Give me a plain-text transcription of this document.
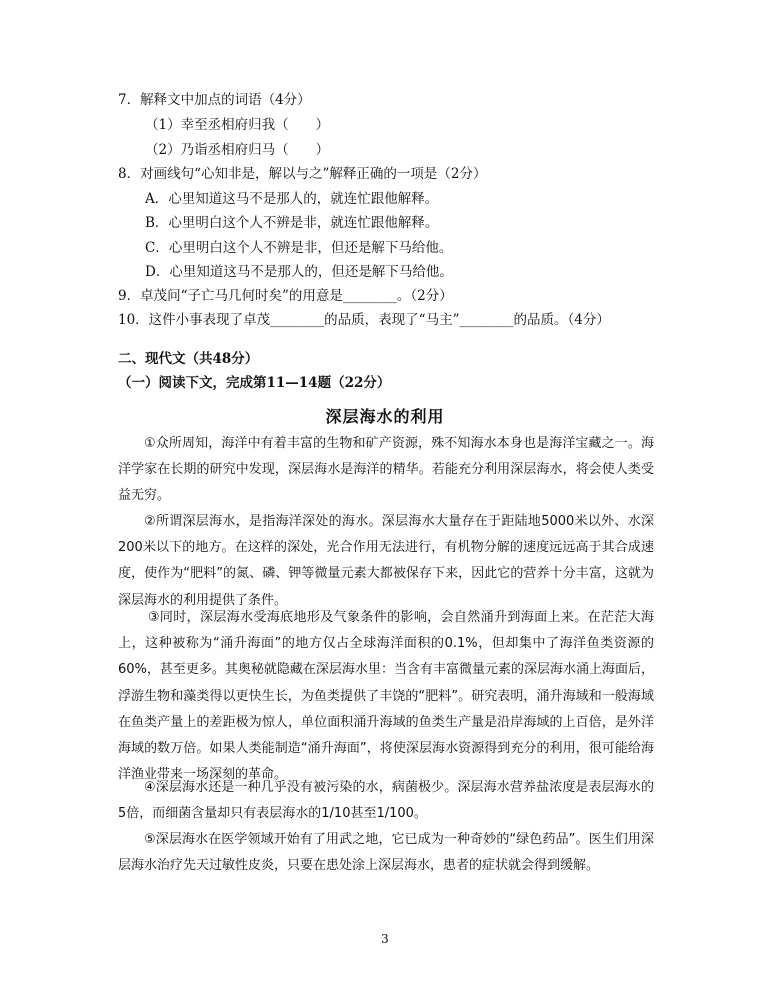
7．解释文中加点的词语（4分）
（1）幸至丞相府归我（　　）
（2）乃诣丞相府归马（　　）
8．对画线句“心知非是，解以与之”解释正确的一项是（2分）
A．心里知道这马不是那人的，就连忙跟他解释。
B．心里明白这个人不辨是非，就连忙跟他解释。
C．心里明白这个人不辨是非，但还是解下马给他。
D．心里知道这马不是那人的，但还是解下马给他。
9．卓茂问“子亡马几何时矣”的用意是________。（2分）
10．这件小事表现了卓茂________的品质，表现了“马主”________的品质。（4分）
二、现代文（共48分）
（一）阅读下文，完成第11—14题（22分）
深层海水的利用
①众所周知，海洋中有着丰富的生物和矿产资源，殊不知海水本身也是海洋宝藏之一。海洋学家在长期的研究中发现，深层海水是海洋的精华。若能充分利用深层海水，将会使人类受益无穷。
②所谓深层海水，是指海洋深处的海水。深层海水大量存在于距陆地5000米以外、水深200米以下的地方。在这样的深处，光合作用无法进行，有机物分解的速度远远高于其合成速度，使作为“肥料”的氮、磷、钾等微量元素大都被保存下来，因此它的营养十分丰富，这就为深层海水的利用提供了条件。
③同时，深层海水受海底地形及气象条件的影响，会自然涌升到海面上来。在茫茫大海上，这种被称为“涌升海面”的地方仅占全球海洋面积的0.1%，但却集中了海洋鱼类资源的60%，甚至更多。其奥秘就隐藏在深层海水里：当含有丰富微量元素的深层海水涌上海面后，浮游生物和藻类得以更快生长，为鱼类提供了丰饶的“肥料”。研究表明，涌升海域和一般海域在鱼类产量上的差距极为惊人，单位面积涌升海域的鱼类生产量是沿岸海域的上百倍，是外洋海域的数万倍。如果人类能制造“涌升海面”，将使深层海水资源得到充分的利用，很可能给海洋渔业带来一场深刻的革命。
④深层海水还是一种几乎没有被污染的水，病菌极少。深层海水营养盐浓度是表层海水的5倍，而细菌含量却只有表层海水的1/10甚至1/100。
⑤深层海水在医学领域开始有了用武之地，它已成为一种奇妙的“绿色药品”。医生们用深层海水治疗先天过敏性皮炎，只要在患处涂上深层海水，患者的症状就会得到缓解。
3
